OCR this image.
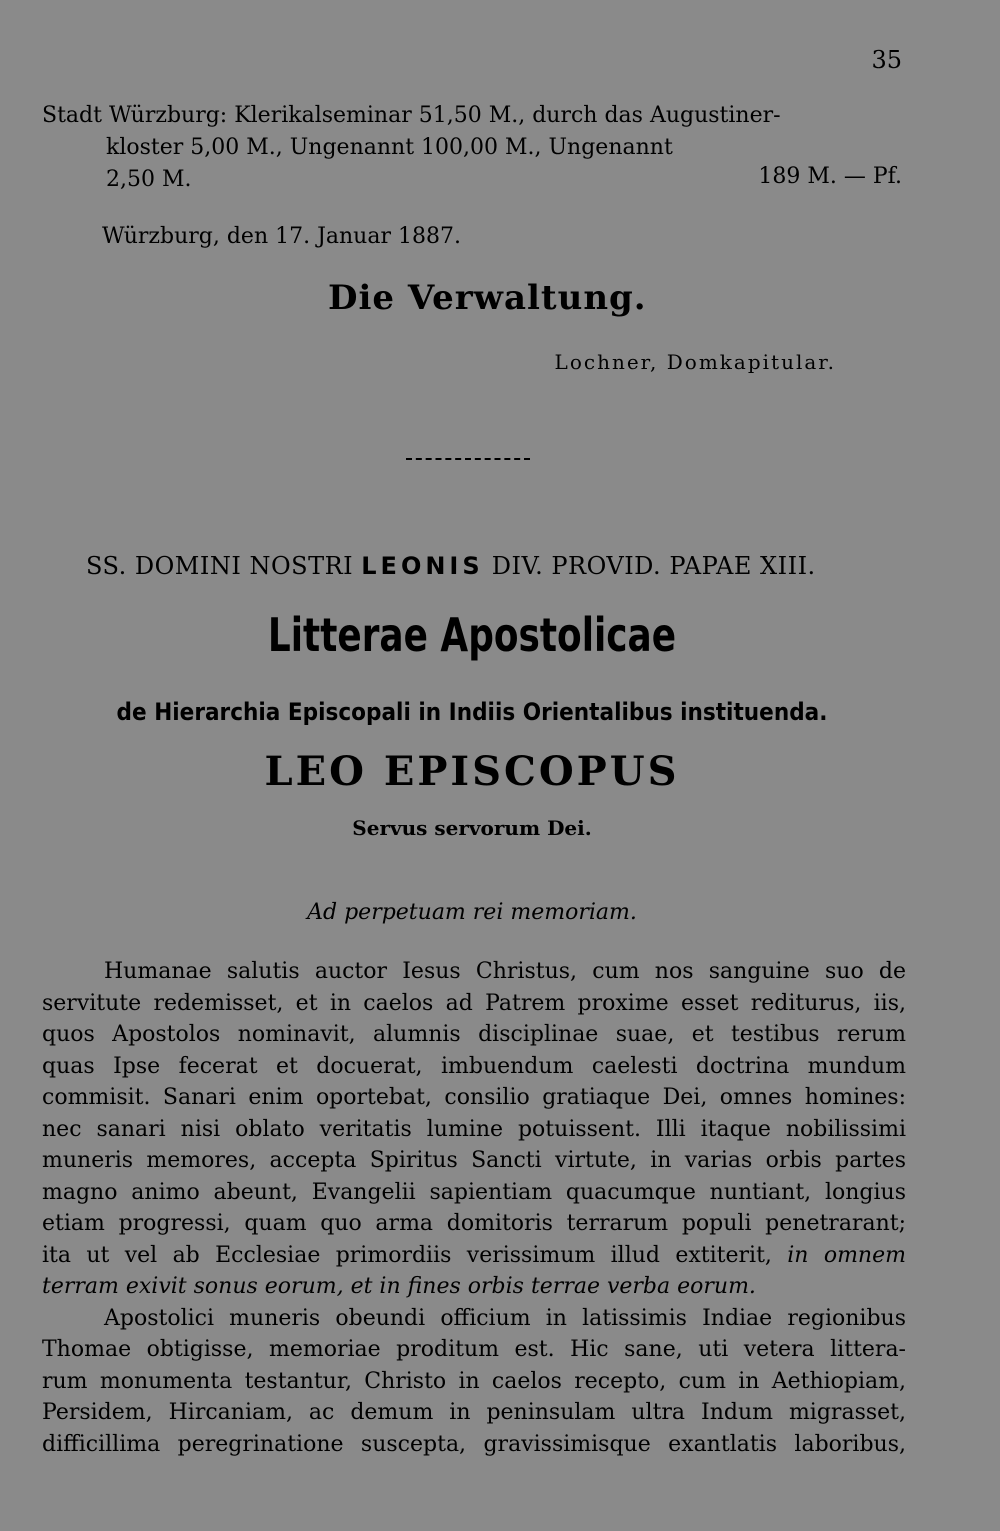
35
Stadt Würzburg: Klerikalseminar 51,50 M., durch das Augustiner-
kloster 5,00 M., Ungenannt 100,00 M., Ungenannt
2,50 M.	189 M. — Pf.
Würzburg, den 17. Januar 1887.
Die Verwaltung.
Lochner, Domkapitular.
SS. DOMINI NOSTRI LEONIS DIV. PROVID. PAPAE XIII.
Litterae Apostolicae
de Hierarchia Episcopali in Indiis Orientalibus instituenda.
LEO EPISCOPUS
Servus servorum Dei.
Ad perpetuam rei memoriam.
Humanae salutis auctor Iesus Christus, cum nos sanguine suo de
servitute redemisset, et in caelos ad Patrem proxime esset rediturus, iis,
quos Apostolos nominavit, alumnis disciplinae suae, et testibus rerum
quas Ipse fecerat et docuerat, imbuendum caelesti doctrina mundum
commisit. Sanari enim oportebat, consilio gratiaque Dei, omnes homines:
nec sanari nisi oblato veritatis lumine potuissent. Illi itaque nobilissimi
muneris memores, accepta Spiritus Sancti virtute, in varias orbis partes
magno animo abeunt, Evangelii sapientiam quacumque nuntiant, longius
etiam progressi, quam quo arma domitoris terrarum populi penetrarant;
ita ut vel ab Ecclesiae primordiis verissimum illud extiterit, in omnem
terram exivit sonus eorum, et in fines orbis terrae verba eorum.
Apostolici muneris obeundi officium in latissimis Indiae regionibus
Thomae obtigisse, memoriae proditum est. Hic sane, uti vetera littera-
rum monumenta testantur, Christo in caelos recepto, cum in Aethiopiam,
Persidem, Hircaniam, ac demum in peninsulam ultra Indum migrasset,
difficillima peregrinatione suscepta, gravissimisque exantlatis laboribus,
